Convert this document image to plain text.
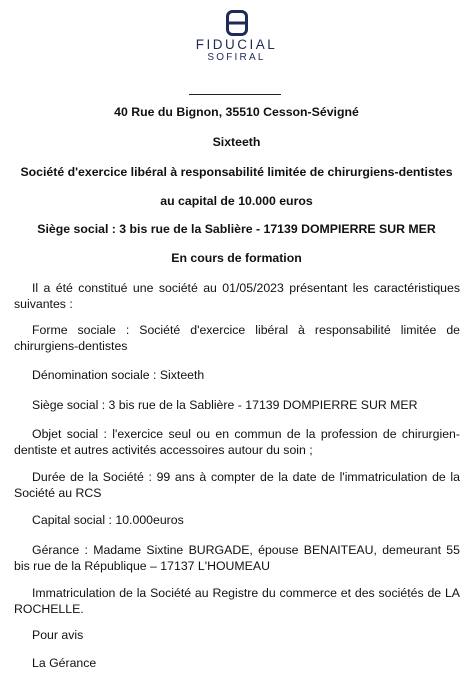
FIDUCIAL
SOFIRAL
40 Rue du Bignon, 35510 Cesson-Sévigné
Sixteeth
Société d'exercice libéral à responsabilité limitée de chirurgiens-dentistes
au capital de 10.000 euros
Siège social : 3 bis rue de la Sablière - 17139 DOMPIERRE SUR MER
En cours de formation

Il a été constitué une société au 01/05/2023 présentant les caractéristiques suivantes :

Forme sociale : Société d'exercice libéral à responsabilité limitée de chirurgiens-dentistes

Dénomination sociale : Sixteeth

Siège social : 3 bis rue de la Sablière - 17139 DOMPIERRE SUR MER

Objet social : l'exercice seul ou en commun de la profession de chirurgien-dentiste et autres activités accessoires autour du soin ;

Durée de la Société : 99 ans à compter de la date de l'immatriculation de la Société au RCS

Capital social : 10.000euros

Gérance : Madame Sixtine BURGADE, épouse BENAITEAU, demeurant 55 bis rue de la République – 17137 L'HOUMEAU

Immatriculation de la Société au Registre du commerce et des sociétés de LA ROCHELLE.

Pour avis

La Gérance
